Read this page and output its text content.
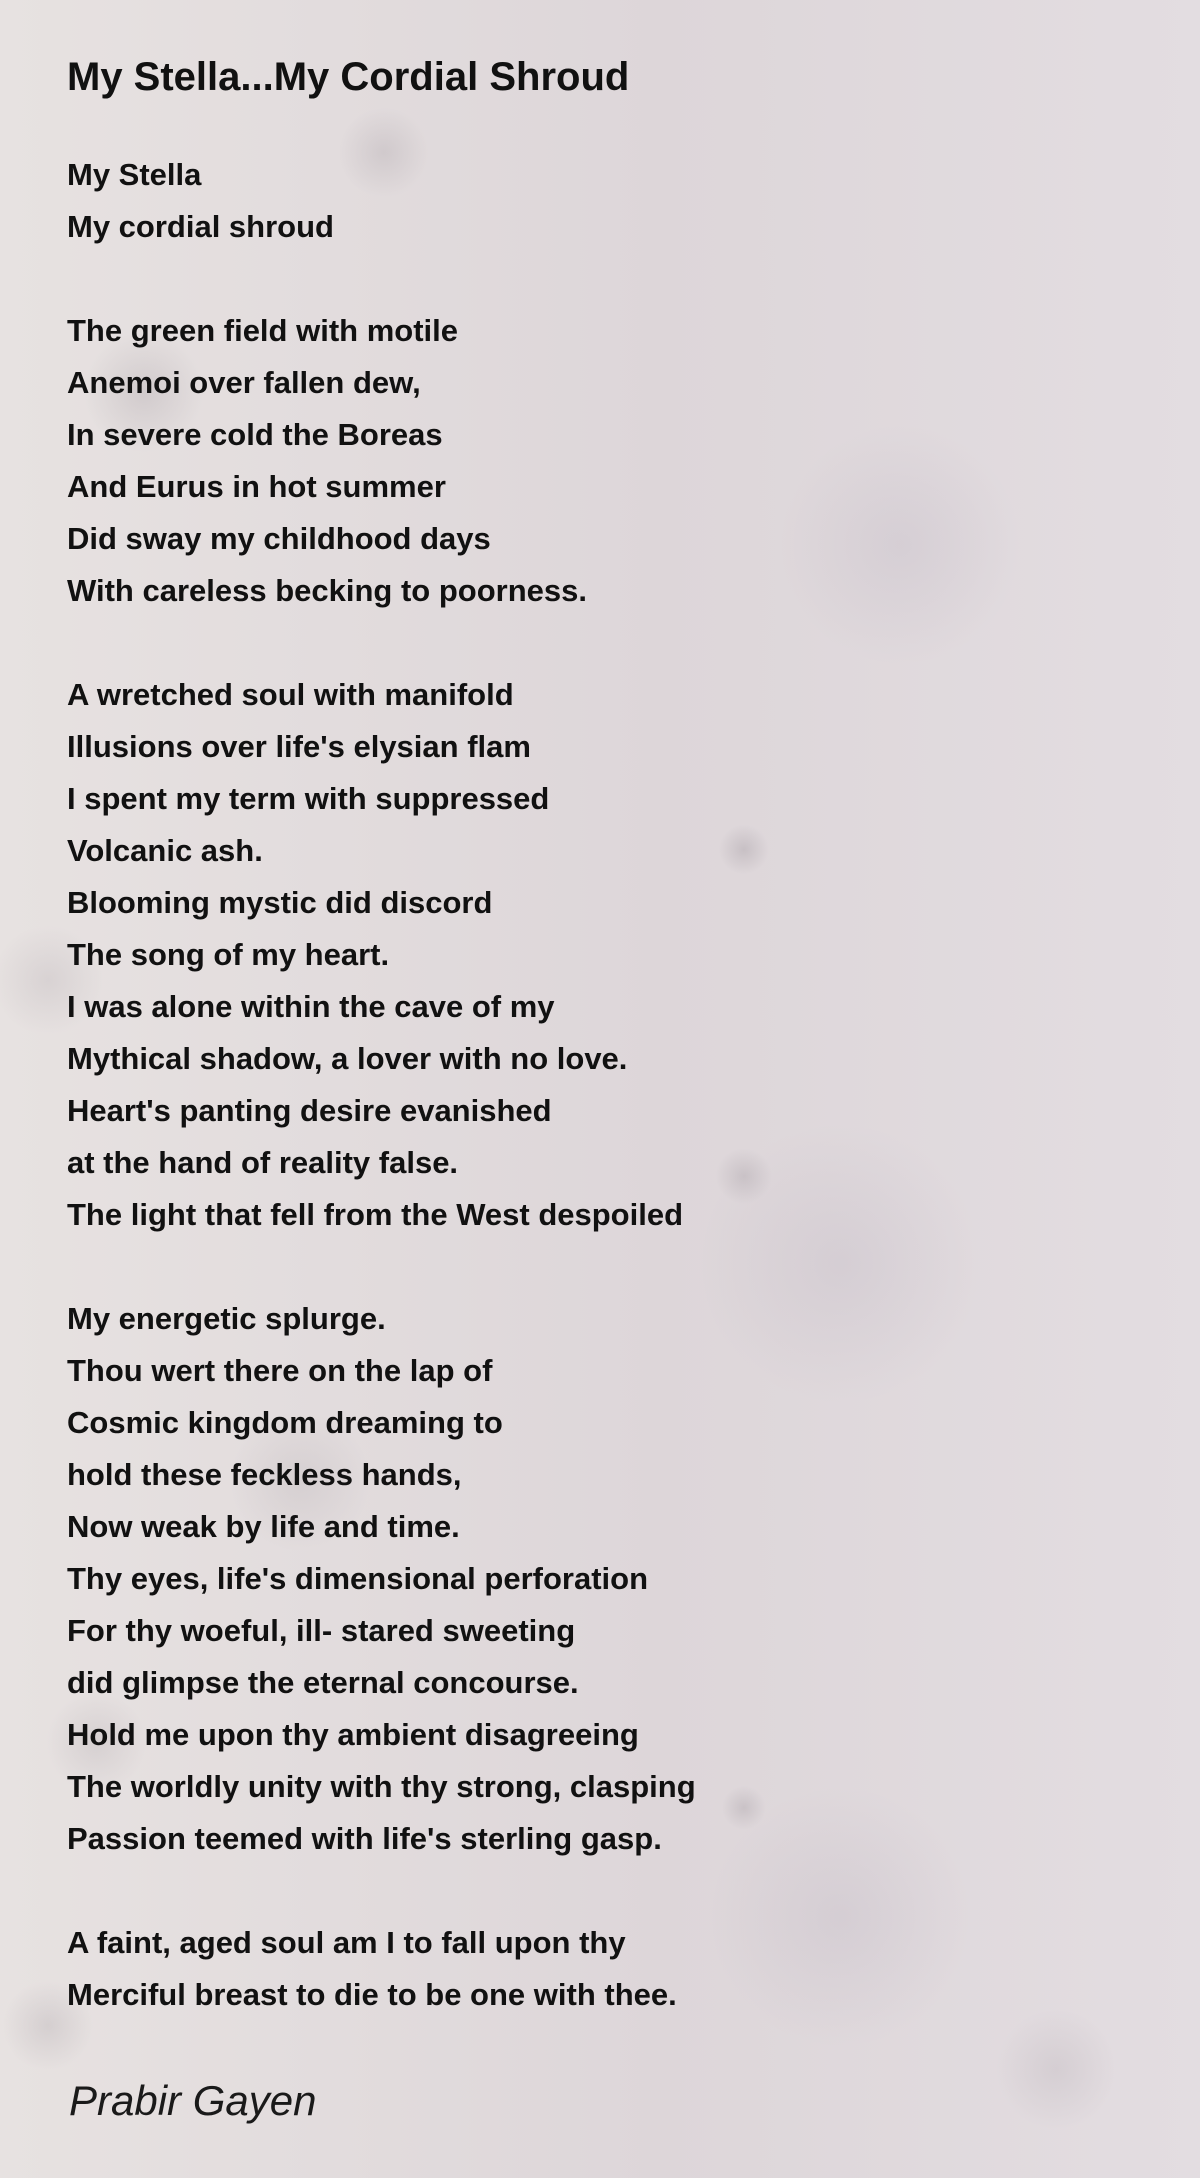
My Stella...My Cordial Shroud
My Stella
My cordial shroud
The green field with motile
Anemoi over fallen dew,
In severe cold the Boreas
And Eurus in hot summer
Did sway my childhood days
With careless becking to poorness.
A wretched soul with manifold
Illusions over life's elysian flam
I spent my term with suppressed
Volcanic ash.
Blooming mystic did discord
The song of my heart.
I was alone within the cave of my
Mythical shadow, a lover with no love.
Heart's panting desire evanished
at the hand of reality false.
The light that fell from the West despoiled
My energetic splurge.
Thou wert there on the lap of
Cosmic kingdom dreaming to
hold these feckless hands,
Now weak by life and time.
Thy eyes, life's dimensional perforation
For thy woeful, ill- stared sweeting
did glimpse the eternal concourse.
Hold me upon thy ambient disagreeing
The worldly unity with thy strong, clasping
Passion teemed with life's sterling gasp.
A faint, aged soul am I to fall upon thy
Merciful breast to die to be one with thee.

Prabir Gayen
